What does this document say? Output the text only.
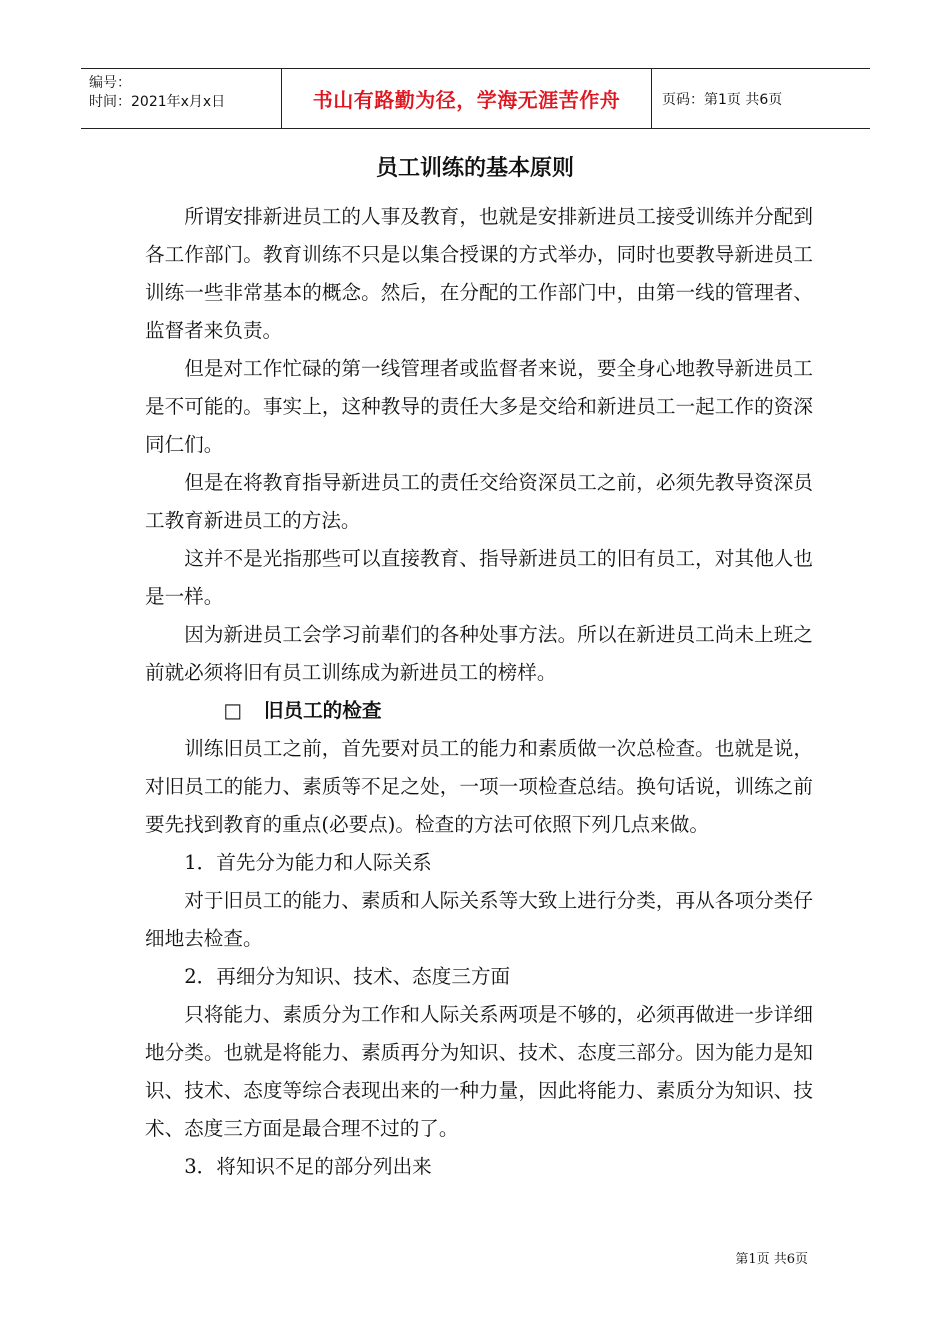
编号：
时间：2021年x月x日	书山有路勤为径，学海无涯苦作舟	页码：第1页 共6页
员工训练的基本原则

所谓安排新进员工的人事及教育，也就是安排新进员工接受训练并分配到各工作部门。教育训练不只是以集合授课的方式举办，同时也要教导新进员工训练一些非常基本的概念。然后，在分配的工作部门中，由第一线的管理者、监督者来负责。

但是对工作忙碌的第一线管理者或监督者来说，要全身心地教导新进员工是不可能的。事实上，这种教导的责任大多是交给和新进员工一起工作的资深同仁们。

但是在将教育指导新进员工的责任交给资深员工之前，必须先教导资深员工教育新进员工的方法。

这并不是光指那些可以直接教育、指导新进员工的旧有员工，对其他人也是一样。

因为新进员工会学习前辈们的各种处事方法。所以在新进员工尚未上班之前就必须将旧有员工训练成为新进员工的榜样。

□ 旧员工的检查

训练旧员工之前，首先要对员工的能力和素质做一次总检查。也就是说，对旧员工的能力、素质等不足之处，一项一项检查总结。换句话说，训练之前要先找到教育的重点(必要点)。检查的方法可依照下列几点来做。

1．首先分为能力和人际关系

对于旧员工的能力、素质和人际关系等大致上进行分类，再从各项分类仔细地去检查。

2．再细分为知识、技术、态度三方面

只将能力、素质分为工作和人际关系两项是不够的，必须再做进一步详细地分类。也就是将能力、素质再分为知识、技术、态度三部分。因为能力是知识、技术、态度等综合表现出来的一种力量，因此将能力、素质分为知识、技术、态度三方面是最合理不过的了。

3．将知识不足的部分列出来

第1页 共6页
